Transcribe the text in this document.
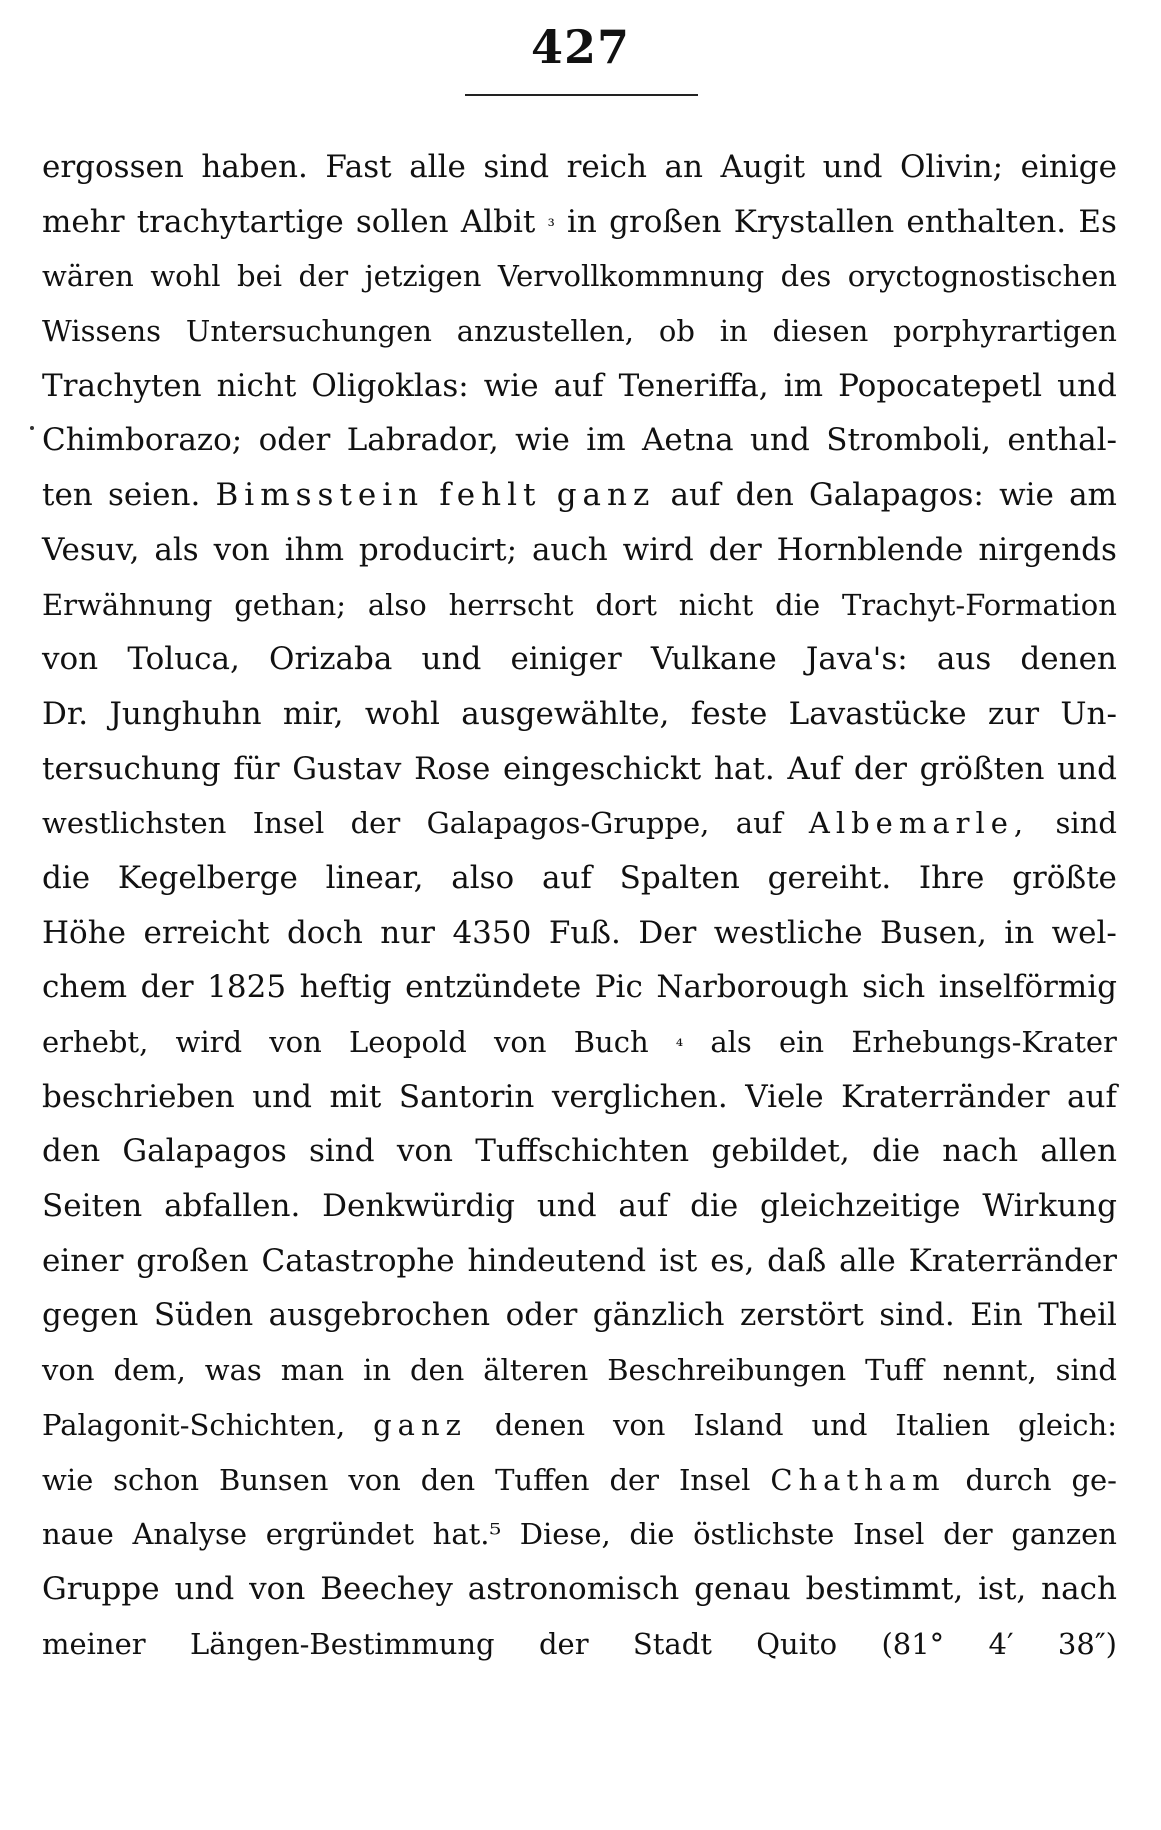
427
ergossen haben. Fast alle sind reich an Augit und Olivin; einige
mehr trachytartige sollen Albit ³ in großen Krystallen enthalten. Es
wären wohl bei der jetzigen Vervollkommnung des oryctognostischen
Wissens Untersuchungen anzustellen, ob in diesen porphyrartigen
Trachyten nicht Oligoklas: wie auf Teneriffa, im Popocatepetl und
Chimborazo; oder Labrador, wie im Aetna und Stromboli, enthal-
ten seien. Bimsstein fehlt ganz auf den Galapagos: wie am
Vesuv, als von ihm producirt; auch wird der Hornblende nirgends
Erwähnung gethan; also herrscht dort nicht die Trachyt-Formation
von Toluca, Orizaba und einiger Vulkane Java's: aus denen
Dr. Junghuhn mir, wohl ausgewählte, feste Lavastücke zur Un-
tersuchung für Gustav Rose eingeschickt hat. Auf der größten und
westlichsten Insel der Galapagos-Gruppe, auf Albemarle, sind
die Kegelberge linear, also auf Spalten gereiht. Ihre größte
Höhe erreicht doch nur 4350 Fuß. Der westliche Busen, in wel-
chem der 1825 heftig entzündete Pic Narborough sich inselförmig
erhebt, wird von Leopold von Buch ⁴ als ein Erhebungs-Krater
beschrieben und mit Santorin verglichen. Viele Kraterränder auf
den Galapagos sind von Tuffschichten gebildet, die nach allen
Seiten abfallen. Denkwürdig und auf die gleichzeitige Wirkung
einer großen Catastrophe hindeutend ist es, daß alle Kraterränder
gegen Süden ausgebrochen oder gänzlich zerstört sind. Ein Theil
von dem, was man in den älteren Beschreibungen Tuff nennt, sind
Palagonit-Schichten, ganz denen von Island und Italien gleich:
wie schon Bunsen von den Tuffen der Insel Chatham durch ge-
naue Analyse ergründet hat.⁵ Diese, die östlichste Insel der ganzen
Gruppe und von Beechey astronomisch genau bestimmt, ist, nach
meiner Längen-Bestimmung der Stadt Quito (81° 4′ 38″)
